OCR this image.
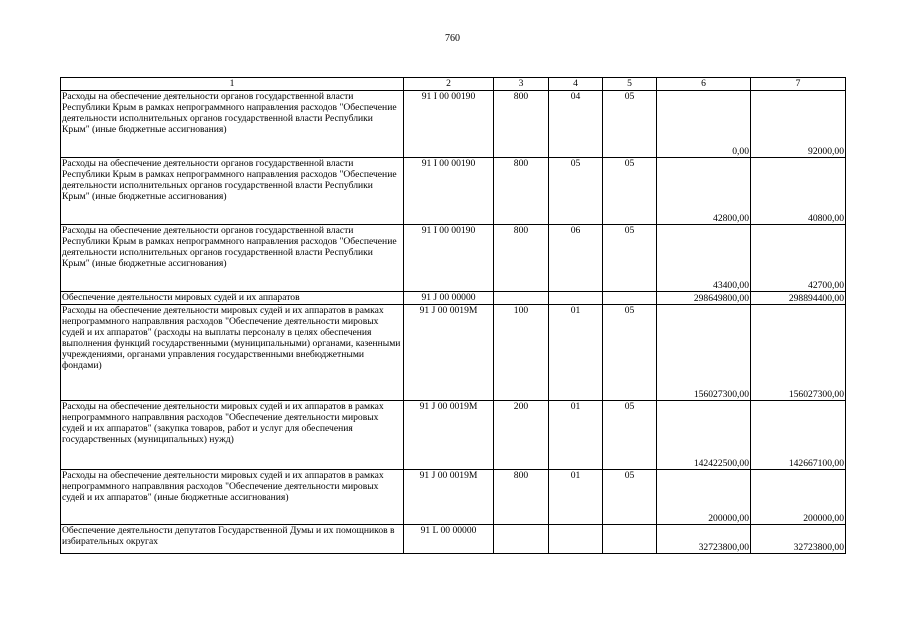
760
1	2	3	4	5	6	7
Расходы на обеспечение деятельности органов государственной власти Республики Крым в рамках непрограммного направления расходов "Обеспечение деятельности исполнительных органов государственной власти Республики Крым" (иные бюджетные ассигнования)	91 I 00 00190	800	04	05	0,00	92000,00
Расходы на обеспечение деятельности органов государственной власти Республики Крым в рамках непрограммного направления расходов "Обеспечение деятельности исполнительных органов государственной власти Республики Крым" (иные бюджетные ассигнования)	91 I 00 00190	800	05	05	42800,00	40800,00
Расходы на обеспечение деятельности органов государственной власти Республики Крым в рамках непрограммного направления расходов "Обеспечение деятельности исполнительных органов государственной власти Республики Крым" (иные бюджетные ассигнования)	91 I 00 00190	800	06	05	43400,00	42700,00
Обеспечение деятельности мировых судей и их аппаратов	91 J 00 00000				298649800,00	298894400,00
Расходы на обеспечение деятельности мировых судей и их аппаратов в рамках непрограммного направлвния расходов "Обеспечение деятельности мировых судей и их аппаратов" (расходы на выплаты персоналу в целях обеспечения выполнения функций государственными (муниципальными) органами, казенными учреждениями, органами управления государственными внебюджетными фондами)	91 J 00 0019M	100	01	05	156027300,00	156027300,00
Расходы на обеспечение деятельности мировых судей и их аппаратов в рамках непрограммного направлвния расходов "Обеспечение деятельности мировых судей и их аппаратов" (закупка товаров, работ и услуг для обеспечения государственных (муниципальных) нужд)	91 J 00 0019M	200	01	05	142422500,00	142667100,00
Расходы на обеспечение деятельности мировых судей и их аппаратов в рамках непрограммного направлвния расходов "Обеспечение деятельности мировых судей и их аппаратов" (иные бюджетные ассигнования)	91 J 00 0019M	800	01	05	200000,00	200000,00
Обеспечение деятельности депутатов Государственной Думы и их помощников в избирательных округах	91 L 00 00000				32723800,00	32723800,00
